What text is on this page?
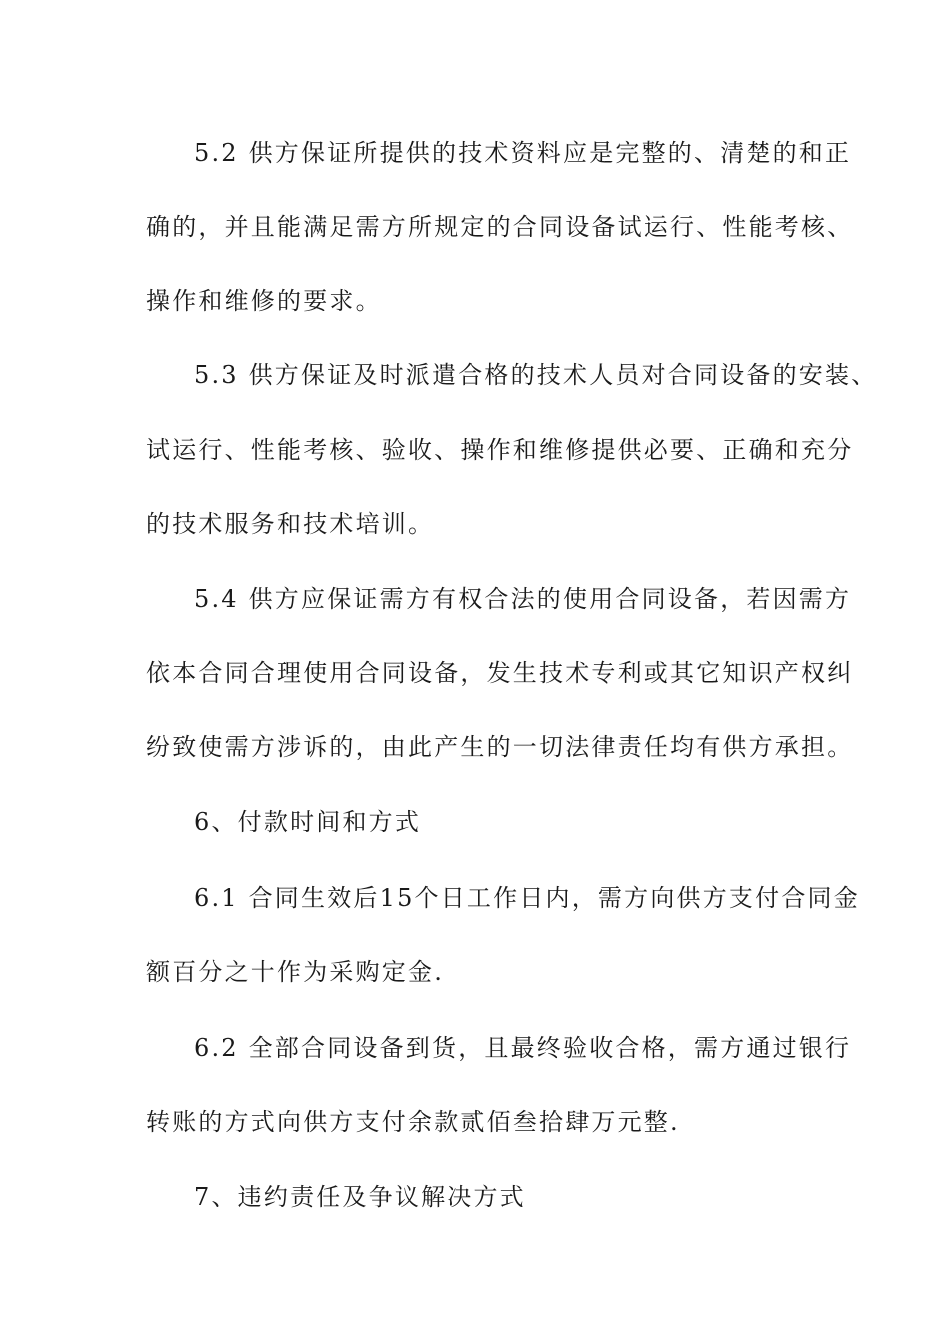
5.2 供方保证所提供的技术资料应是完整的、清楚的和正
确的，并且能满足需方所规定的合同设备试运行、性能考核、
操作和维修的要求。
5.3 供方保证及时派遣合格的技术人员对合同设备的安装、
试运行、性能考核、验收、操作和维修提供必要、正确和充分
的技术服务和技术培训。
5.4 供方应保证需方有权合法的使用合同设备，若因需方
依本合同合理使用合同设备，发生技术专利或其它知识产权纠
纷致使需方涉诉的，由此产生的一切法律责任均有供方承担。
6、付款时间和方式
6.1 合同生效后15个日工作日内，需方向供方支付合同金
额百分之十作为采购定金.
6.2 全部合同设备到货，且最终验收合格，需方通过银行
转账的方式向供方支付余款贰佰叁拾肆万元整.
7、违约责任及争议解决方式
